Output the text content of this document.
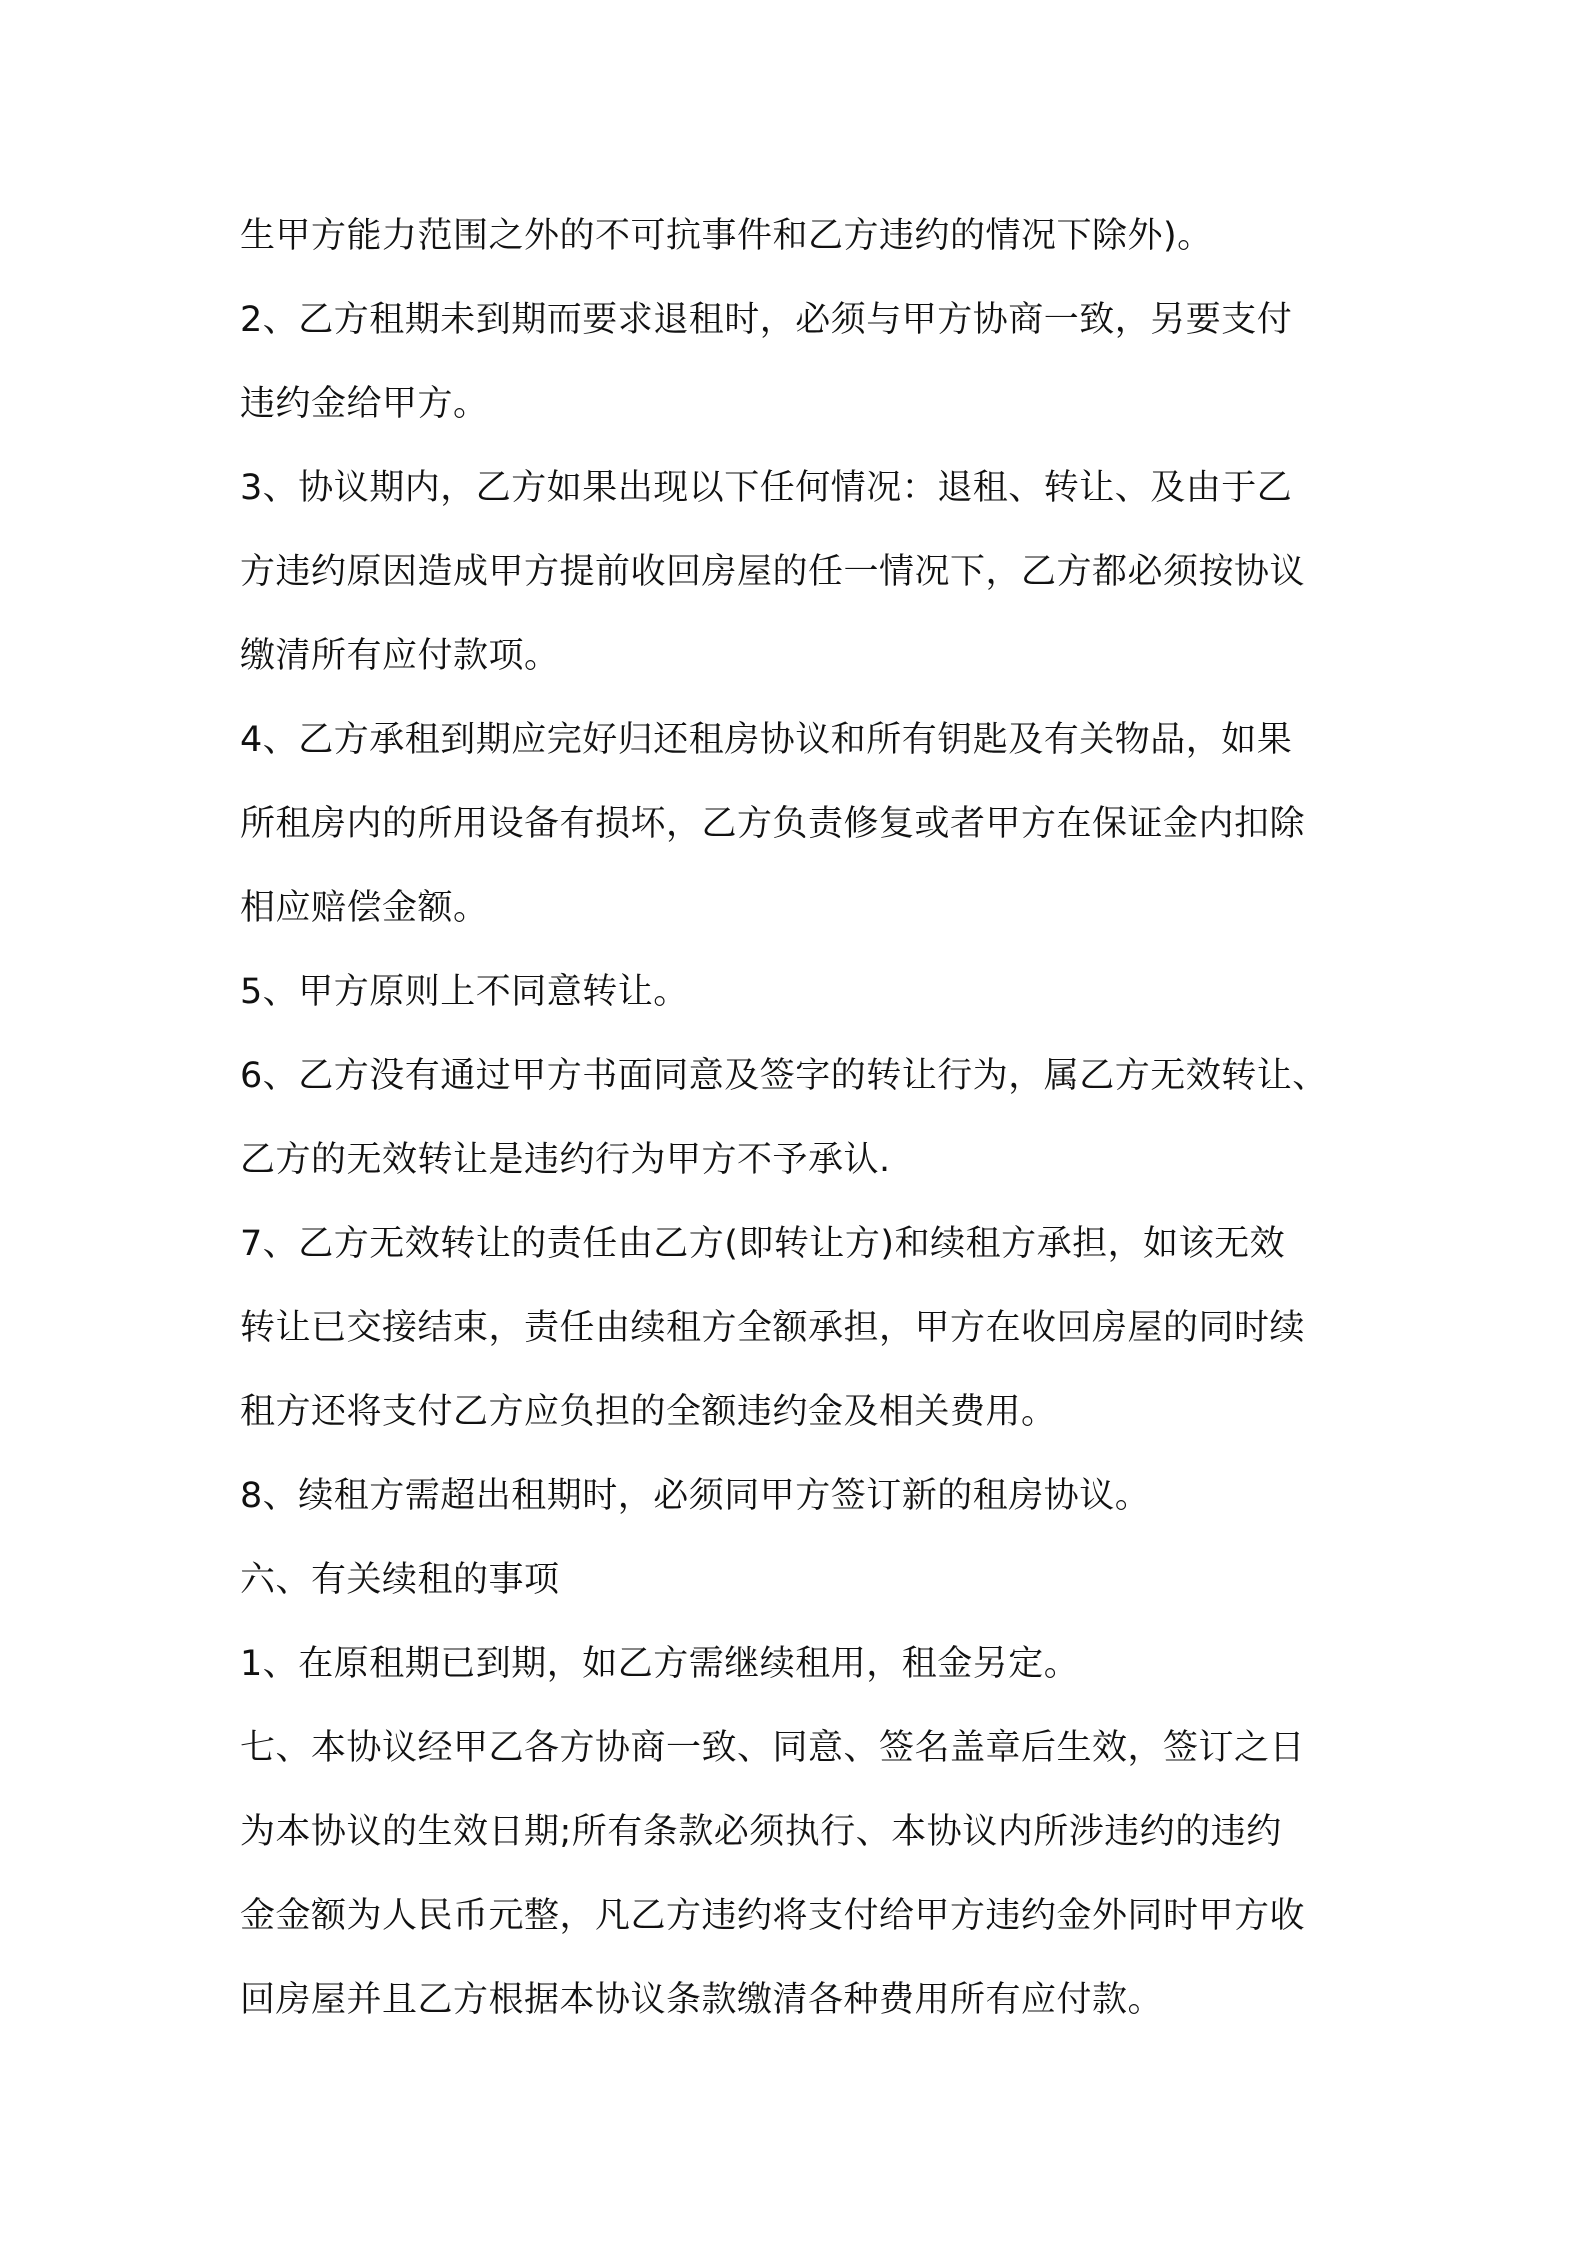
生甲方能力范围之外的不可抗事件和乙方违约的情况下除外)。
2、乙方租期未到期而要求退租时，必须与甲方协商一致，另要支付
违约金给甲方。
3、协议期内，乙方如果出现以下任何情况：退租、转让、及由于乙
方违约原因造成甲方提前收回房屋的任一情况下，乙方都必须按协议
缴清所有应付款项。
4、乙方承租到期应完好归还租房协议和所有钥匙及有关物品，如果
所租房内的所用设备有损坏，乙方负责修复或者甲方在保证金内扣除
相应赔偿金额。
5、甲方原则上不同意转让。
6、乙方没有通过甲方书面同意及签字的转让行为，属乙方无效转让、
乙方的无效转让是违约行为甲方不予承认.
7、乙方无效转让的责任由乙方(即转让方)和续租方承担，如该无效
转让已交接结束，责任由续租方全额承担，甲方在收回房屋的同时续
租方还将支付乙方应负担的全额违约金及相关费用。
8、续租方需超出租期时，必须同甲方签订新的租房协议。
六、有关续租的事项
1、在原租期已到期，如乙方需继续租用，租金另定。
七、本协议经甲乙各方协商一致、同意、签名盖章后生效，签订之日
为本协议的生效日期;所有条款必须执行、本协议内所涉违约的违约
金金额为人民币元整，凡乙方违约将支付给甲方违约金外同时甲方收
回房屋并且乙方根据本协议条款缴清各种费用所有应付款。
